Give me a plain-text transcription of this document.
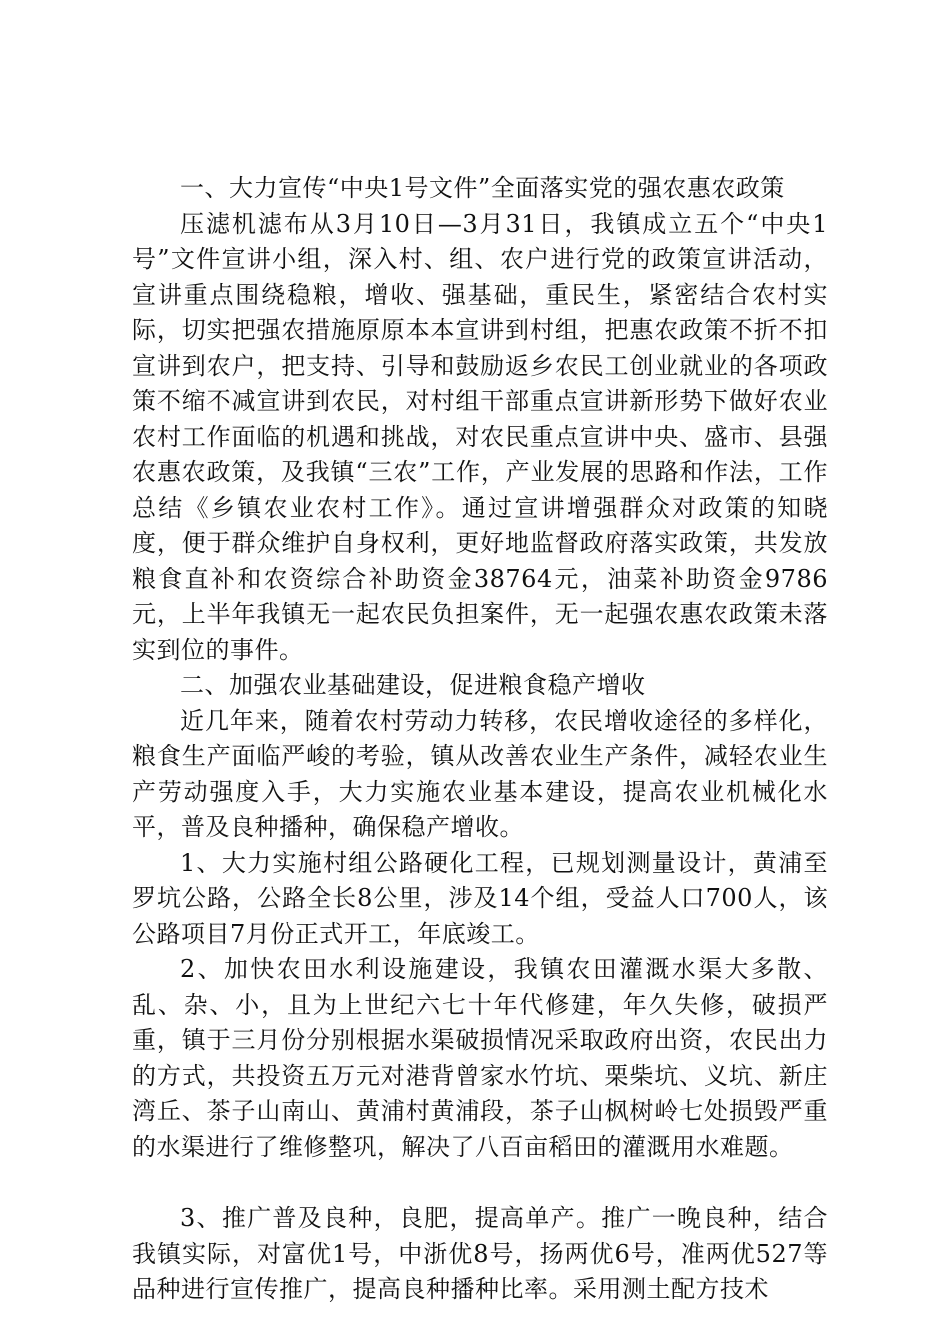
一、大力宣传“中央1号文件”全面落实党的强农惠农政策

压滤机滤布从3月10日—3月31日，我镇成立五个“中央1号”文件宣讲小组，深入村、组、农户进行党的政策宣讲活动，宣讲重点围绕稳粮，增收、强基础，重民生，紧密结合农村实际，切实把强农措施原原本本宣讲到村组，把惠农政策不折不扣宣讲到农户，把支持、引导和鼓励返乡农民工创业就业的各项政策不缩不减宣讲到农民，对村组干部重点宣讲新形势下做好农业农村工作面临的机遇和挑战，对农民重点宣讲中央、盛市、县强农惠农政策，及我镇“三农”工作，产业发展的思路和作法，工作总结《乡镇农业农村工作》。通过宣讲增强群众对政策的知晓度，便于群众维护自身权利，更好地监督政府落实政策，共发放粮食直补和农资综合补助资金38764元，油菜补助资金9786元，上半年我镇无一起农民负担案件，无一起强农惠农政策未落实到位的事件。

二、加强农业基础建设，促进粮食稳产增收

近几年来，随着农村劳动力转移，农民增收途径的多样化，粮食生产面临严峻的考验，镇从改善农业生产条件，减轻农业生产劳动强度入手，大力实施农业基本建设，提高农业机械化水平，普及良种播种，确保稳产增收。

1、大力实施村组公路硬化工程，已规划测量设计，黄浦至罗坑公路，公路全长8公里，涉及14个组，受益人口700人，该公路项目7月份正式开工，年底竣工。

2、加快农田水利设施建设，我镇农田灌溉水渠大多散、乱、杂、小，且为上世纪六七十年代修建，年久失修，破损严重，镇于三月份分别根据水渠破损情况采取政府出资，农民出力的方式，共投资五万元对港背曾家水竹坑、栗柴坑、义坑、新庄湾丘、茶子山南山、黄浦村黄浦段，茶子山枫树岭七处损毁严重的水渠进行了维修整巩，解决了八百亩稻田的灌溉用水难题。

3、推广普及良种，良肥，提高单产。推广一晚良种，结合我镇实际，对富优1号，中浙优8号，扬两优6号，准两优527等品种进行宣传推广，提高良种播种比率。采用测土配方技术
